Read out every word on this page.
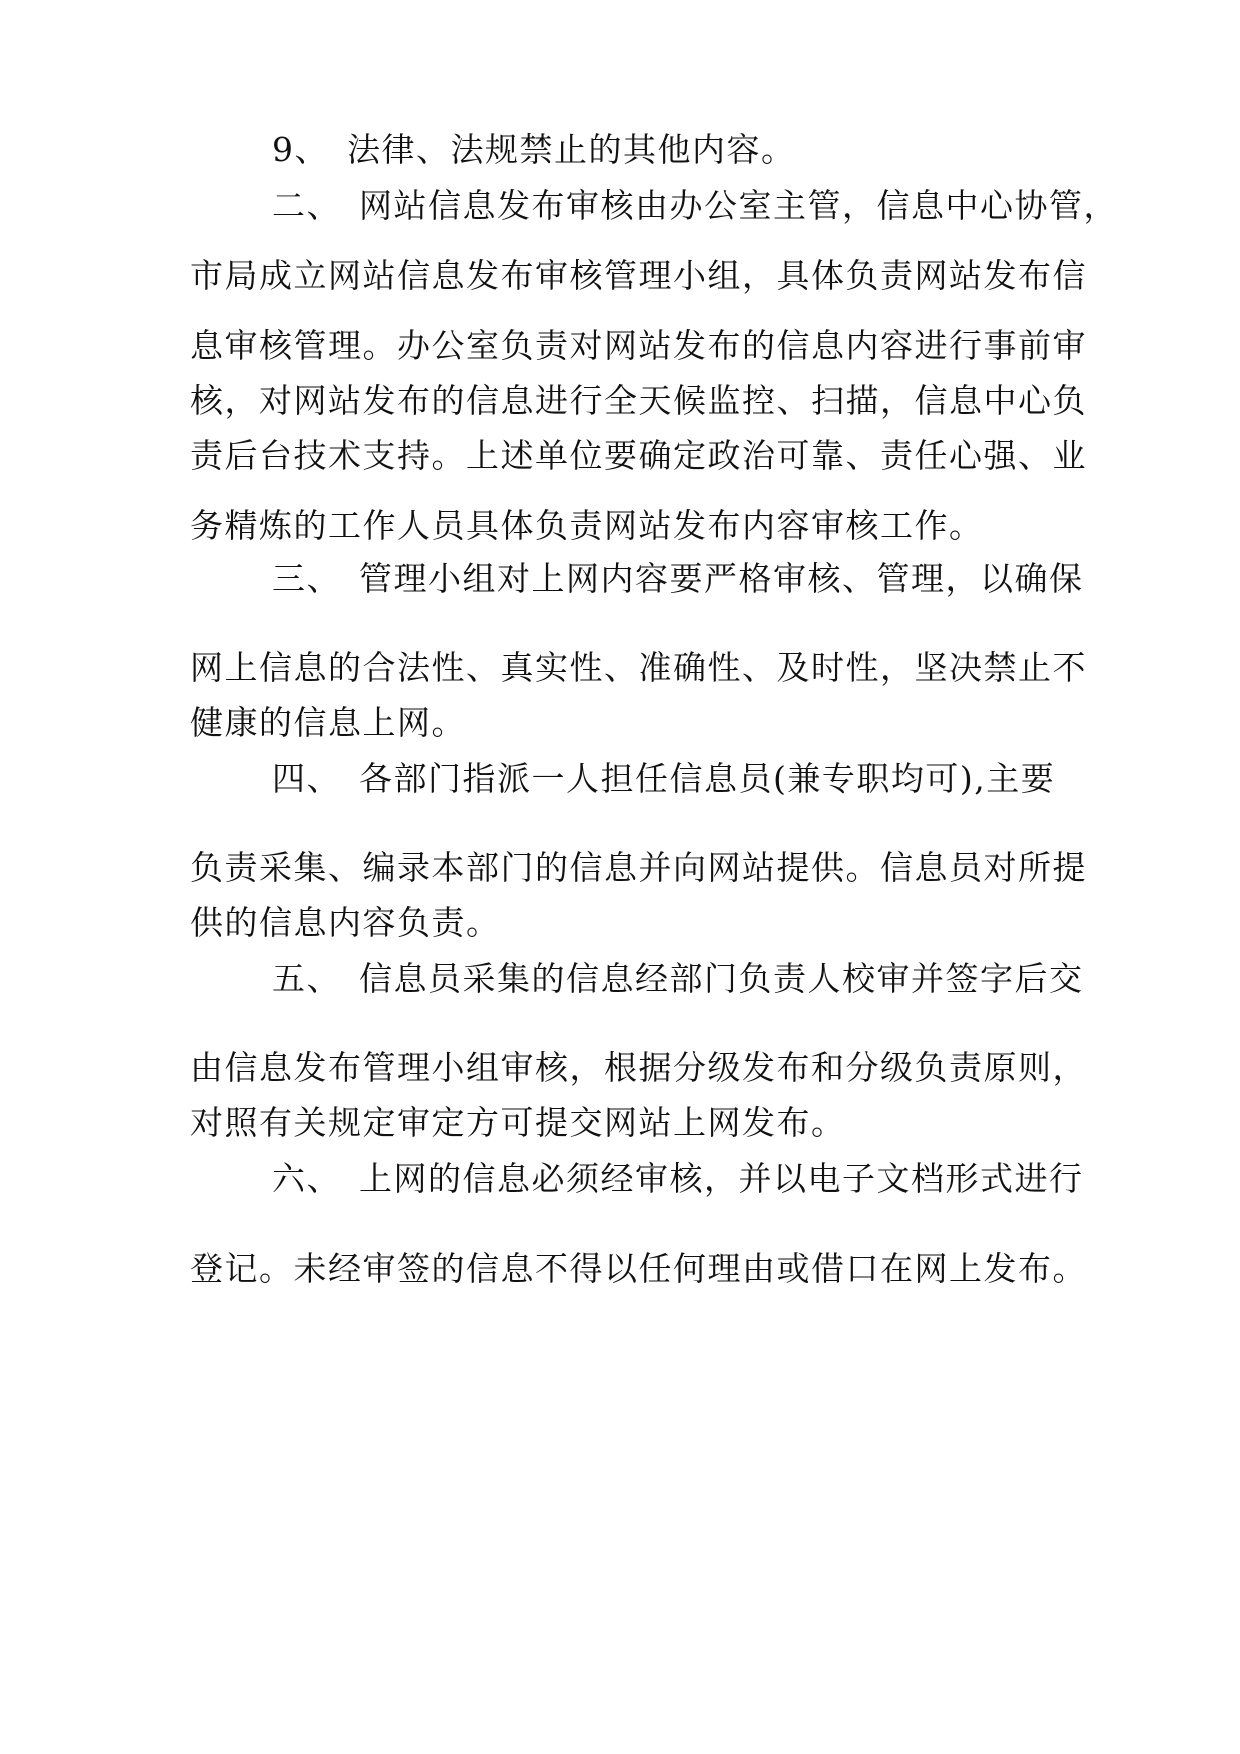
9、 法律、法规禁止的其他内容。
二、 网站信息发布审核由办公室主管，信息中心协管，
市局成立网站信息发布审核管理小组，具体负责网站发布信
息审核管理。办公室负责对网站发布的信息内容进行事前审
核，对网站发布的信息进行全天候监控、扫描，信息中心负
责后台技术支持。上述单位要确定政治可靠、责任心强、业
务精炼的工作人员具体负责网站发布内容审核工作。
三、 管理小组对上网内容要严格审核、管理，以确保
网上信息的合法性、真实性、准确性、及时性，坚决禁止不
健康的信息上网。
四、 各部门指派一人担任信息员(兼专职均可),主要
负责采集、编录本部门的信息并向网站提供。信息员对所提
供的信息内容负责。
五、 信息员采集的信息经部门负责人校审并签字后交
由信息发布管理小组审核，根据分级发布和分级负责原则，
对照有关规定审定方可提交网站上网发布。
六、 上网的信息必须经审核，并以电子文档形式进行
登记。未经审签的信息不得以任何理由或借口在网上发布。
